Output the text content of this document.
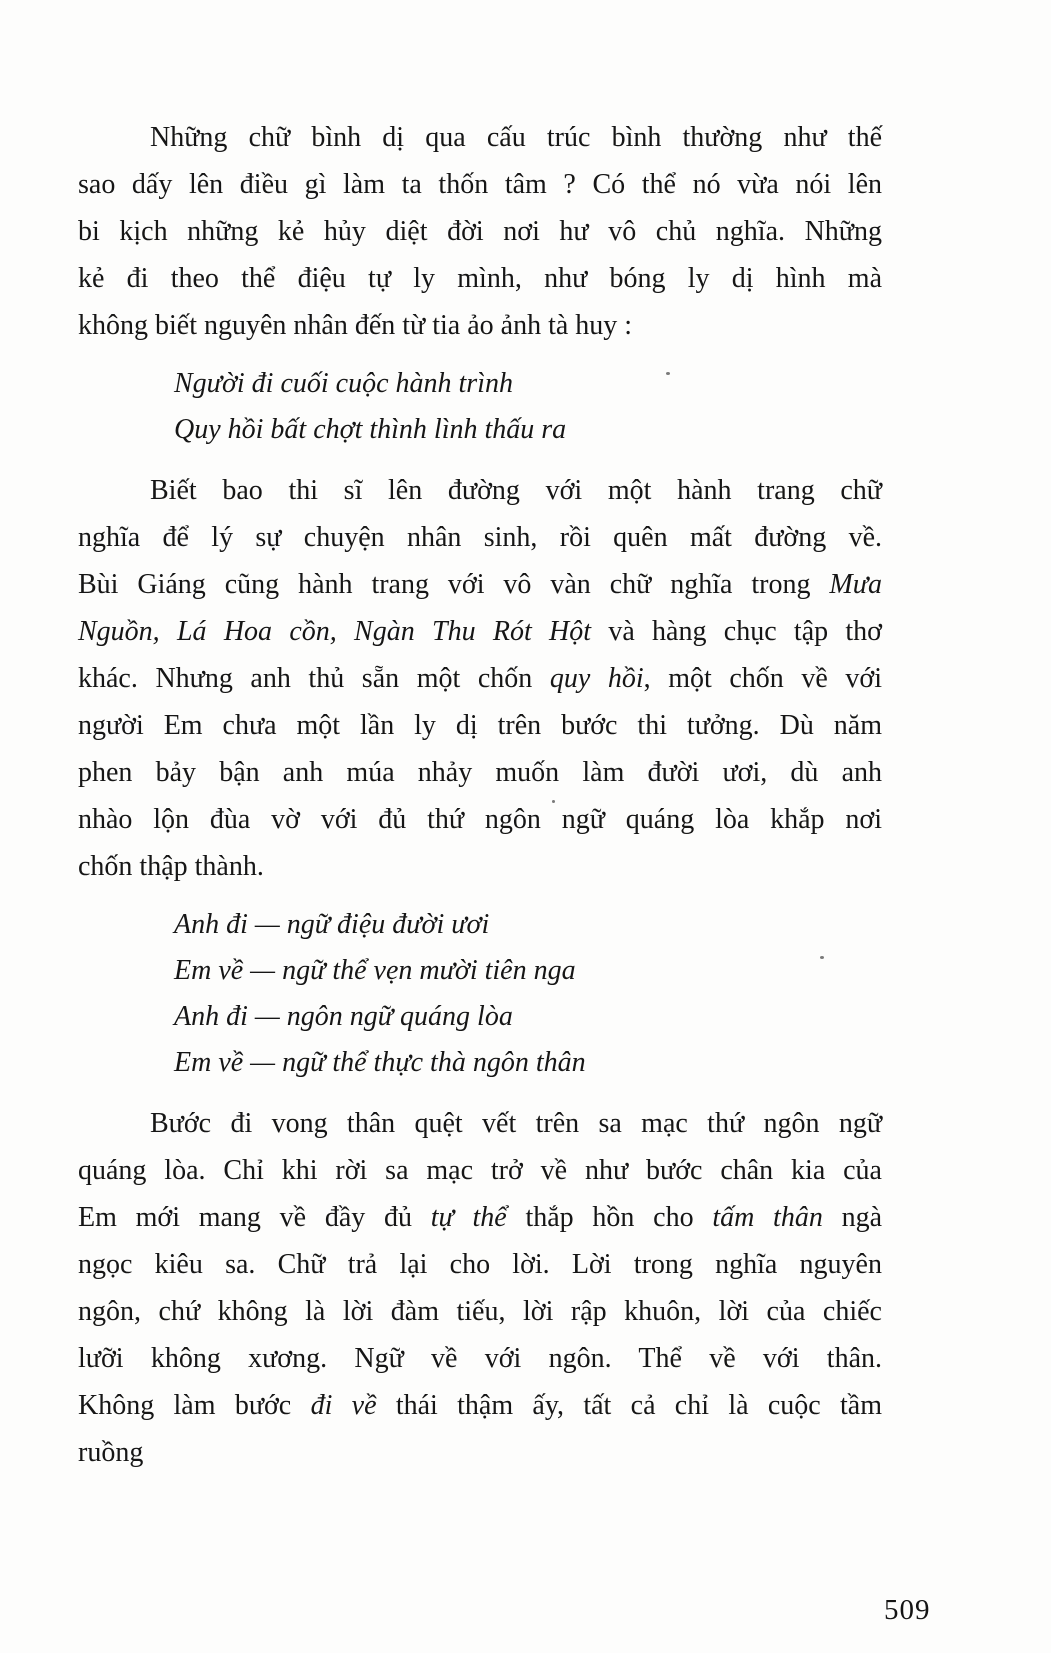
Những chữ bình dị qua cấu trúc bình thường như thế
sao dấy lên điều gì làm ta thốn tâm ? Có thể nó vừa nói lên
bi kịch những kẻ hủy diệt đời nơi hư vô chủ nghĩa. Những
kẻ đi theo thể điệu tự ly mình, như bóng ly dị hình mà
không biết nguyên nhân đến từ tia ảo ảnh tà huy :
Người đi cuối cuộc hành trình
Quy hồi bất chợt thình lình thấu ra
Biết bao thi sĩ lên đường với một hành trang chữ
nghĩa để lý sự chuyện nhân sinh, rồi quên mất đường về.
Bùi Giáng cũng hành trang với vô vàn chữ nghĩa trong Mưa
Nguồn, Lá Hoa cồn, Ngàn Thu Rót Hột và hàng chục tập thơ
khác. Nhưng anh thủ sẵn một chốn quy hồi, một chốn về với
người Em chưa một lần ly dị trên bước thi tưởng. Dù năm
phen bảy bận anh múa nhảy muốn làm đười ươi, dù anh
nhào lộn đùa vờ với đủ thứ ngôn ngữ quáng lòa khắp nơi
chốn thập thành.
Anh đi — ngữ điệu đười ươi
Em về — ngữ thể vẹn mười tiên nga
Anh đi — ngôn ngữ quáng lòa
Em về — ngữ thể thực thà ngôn thân
Bước đi vong thân quệt vết trên sa mạc thứ ngôn ngữ
quáng lòa. Chỉ khi rời sa mạc trở về như bước chân kia của
Em mới mang về đầy đủ tự thể thắp hồn cho tấm thân ngà
ngọc kiêu sa. Chữ trả lại cho lời. Lời trong nghĩa nguyên
ngôn, chứ không là lời đàm tiếu, lời rập khuôn, lời của chiếc
lưỡi không xương. Ngữ về với ngôn. Thể về với thân.
Không làm bước đi về thái thậm ấy, tất cả chỉ là cuộc tầm
ruồng
509
